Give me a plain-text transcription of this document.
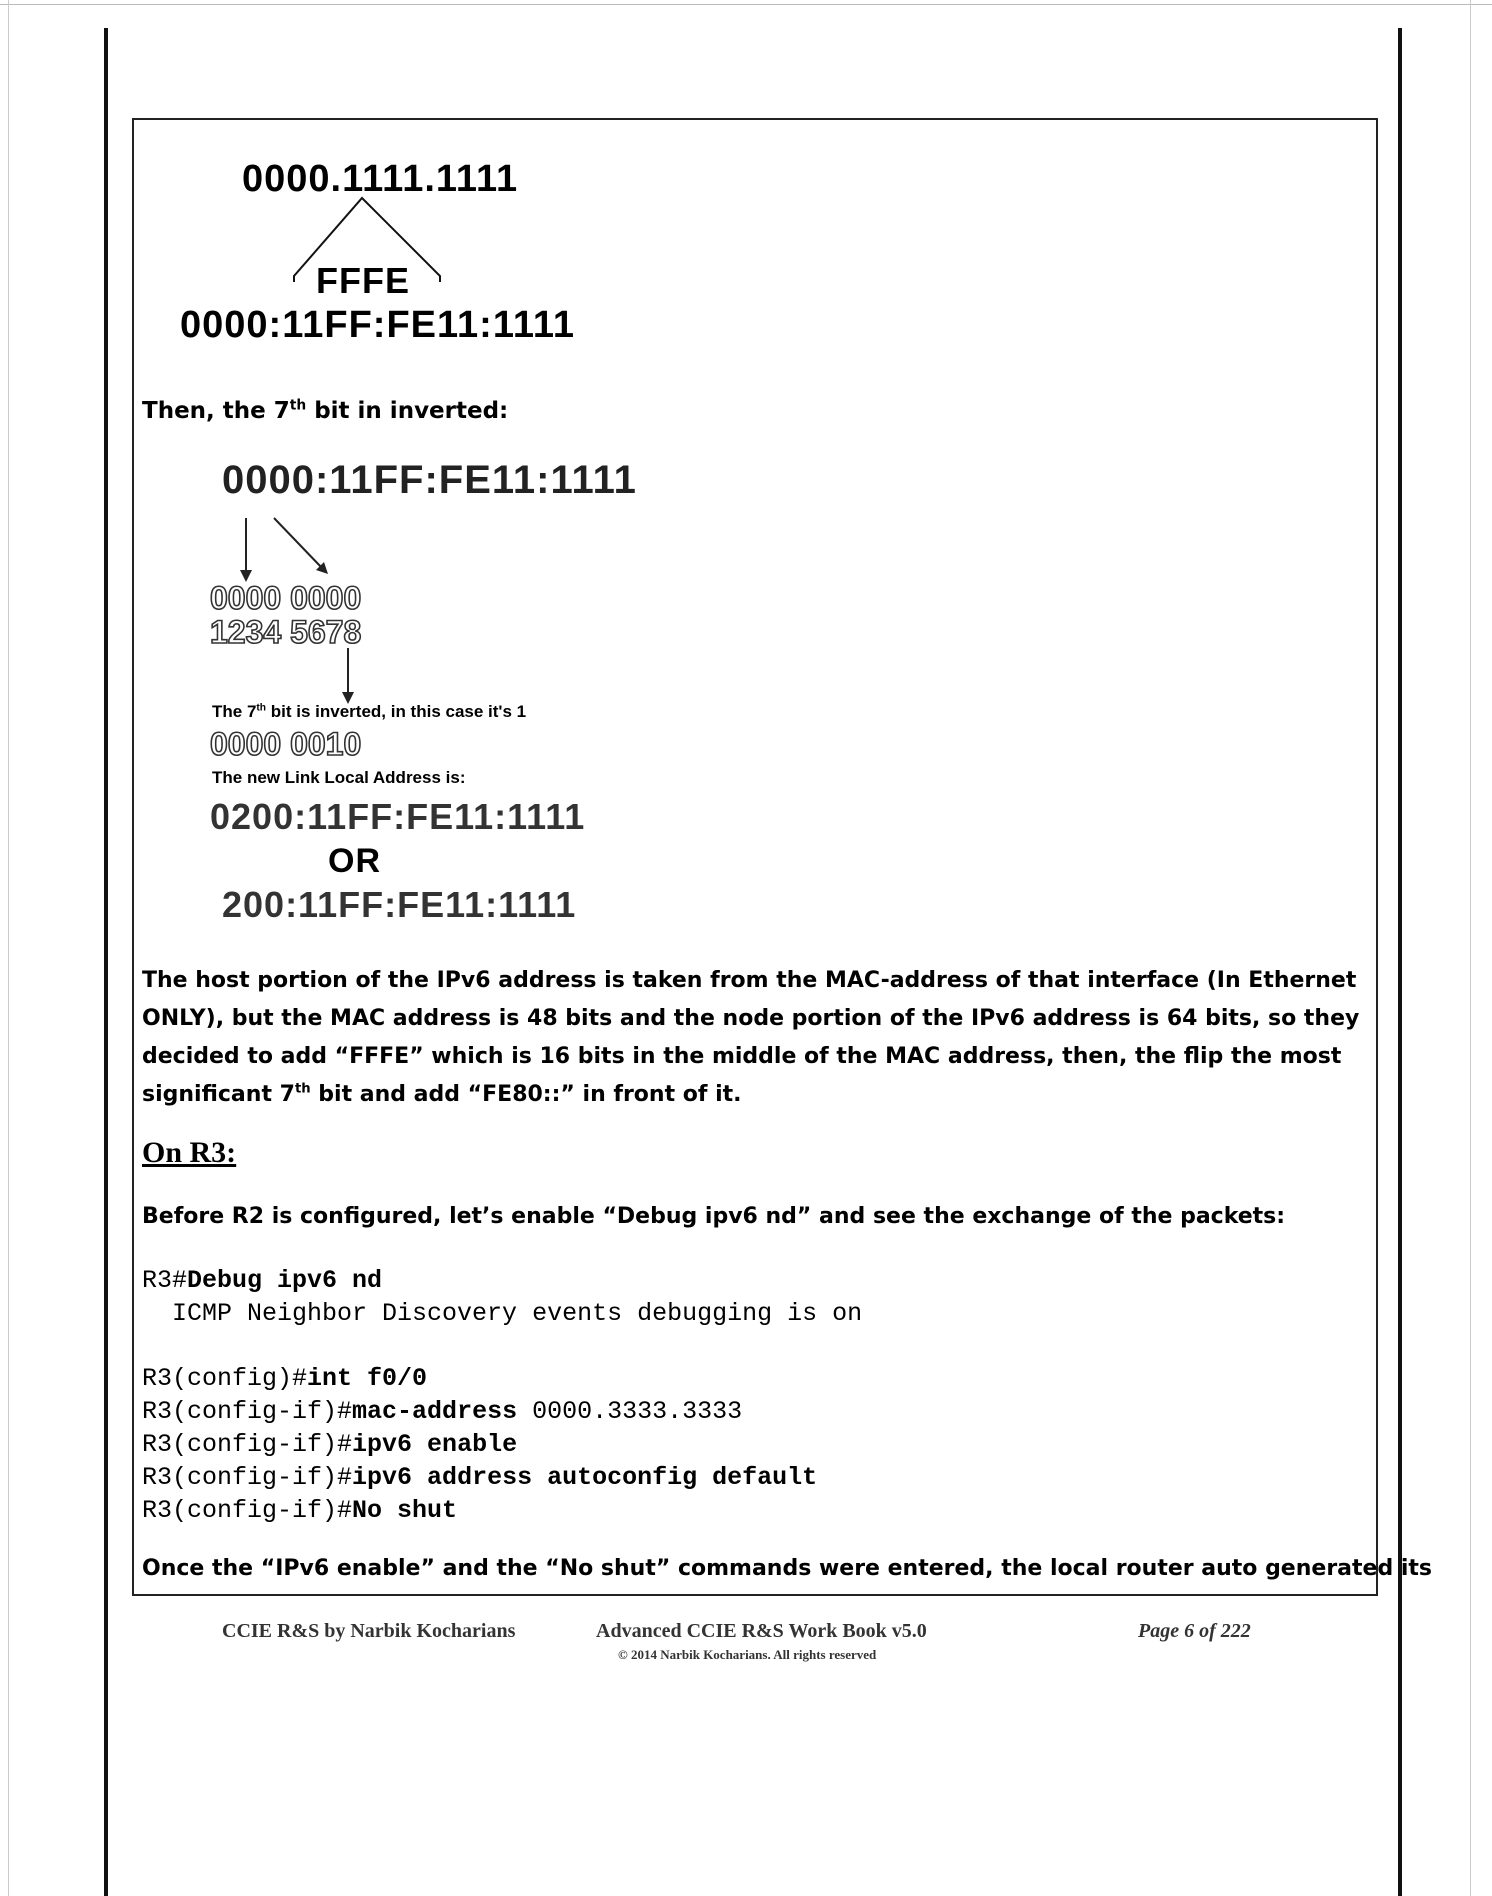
0000.1111.1111
FFFE
0000:11FF:FE11:1111
Then, the 7th bit in inverted:
0000:11FF:FE11:1111
0000 0000
1234 5678
The 7th bit is inverted, in this case it's 1
0000 0010
The new Link Local Address is:
0200:11FF:FE11:1111
OR
200:11FF:FE11:1111
The host portion of the IPv6 address is taken from the MAC-address of that interface (In Ethernet ONLY), but the MAC address is 48 bits and the node portion of the IPv6 address is 64 bits, so they decided to add “FFFE” which is 16 bits in the middle of the MAC address, then, the flip the most significant 7th bit and add “FE80::” in front of it.
On R3:
Before R2 is configured, let’s enable “Debug ipv6 nd” and see the exchange of the packets:
R3#Debug ipv6 nd
ICMP Neighbor Discovery events debugging is on
R3(config)#int f0/0
R3(config-if)#mac-address 0000.3333.3333
R3(config-if)#ipv6 enable
R3(config-if)#ipv6 address autoconfig default
R3(config-if)#No shut
Once the “IPv6 enable” and the “No shut” commands were entered, the local router auto generated its
CCIE R&S by Narbik Kocharians	Advanced CCIE R&S Work Book v5.0
© 2014 Narbik Kocharians. All rights reserved
Page 6 of 222
